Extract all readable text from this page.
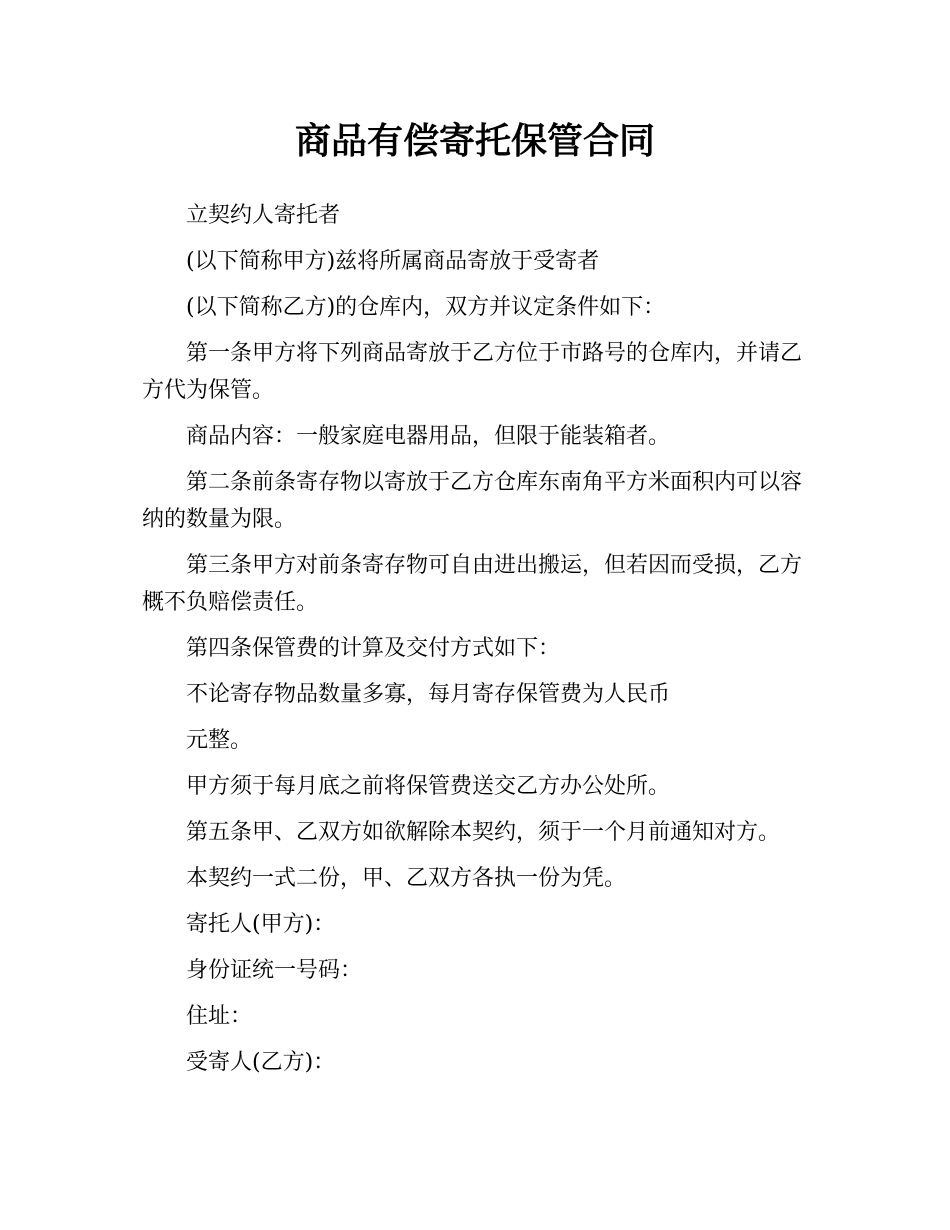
商品有偿寄托保管合同

立契约人寄托者

(以下简称甲方)兹将所属商品寄放于受寄者

(以下简称乙方)的仓库内，双方并议定条件如下：

第一条甲方将下列商品寄放于乙方位于市路号的仓库内，并请乙方代为保管。

商品内容：一般家庭电器用品，但限于能装箱者。

第二条前条寄存物以寄放于乙方仓库东南角平方米面积内可以容纳的数量为限。

第三条甲方对前条寄存物可自由进出搬运，但若因而受损，乙方概不负赔偿责任。

第四条保管费的计算及交付方式如下：

不论寄存物品数量多寡，每月寄存保管费为人民币

元整。

甲方须于每月底之前将保管费送交乙方办公处所。

第五条甲、乙双方如欲解除本契约，须于一个月前通知对方。

本契约一式二份，甲、乙双方各执一份为凭。

寄托人(甲方)：

身份证统一号码：

住址：

受寄人(乙方)：
